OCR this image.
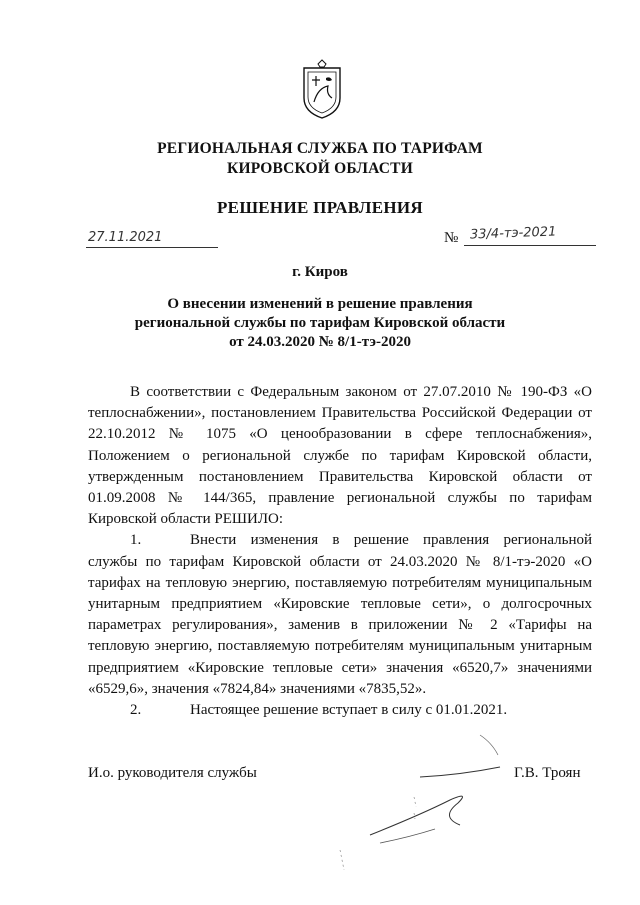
РЕГИОНАЛЬНАЯ СЛУЖБА ПО ТАРИФАМ
КИРОВСКОЙ ОБЛАСТИ
РЕШЕНИЕ ПРАВЛЕНИЯ
27.11.2021	№ 33/4-тэ-2021
г. Киров
О внесении изменений в решение правления
региональной службы по тарифам Кировской области
от 24.03.2020 № 8/1-тэ-2020

В соответствии с Федеральным законом от 27.07.2010 № 190-ФЗ «О теплоснабжении», постановлением Правительства Российской Федерации от 22.10.2012 № 1075 «О ценообразовании в сфере теплоснабжения», Положением о региональной службе по тарифам Кировской области, утвержденным постановлением Правительства Кировской области от 01.09.2008 № 144/365, правление региональной службы по тарифам Кировской области РЕШИЛО:

1.	Внести изменения в решение правления региональной службы по тарифам Кировской области от 24.03.2020 № 8/1-тэ-2020 «О тарифах на тепловую энергию, поставляемую потребителям муниципальным унитарным предприятием «Кировские тепловые сети», о долгосрочных параметрах регулирования», заменив в приложении № 2 «Тарифы на тепловую энергию, поставляемую потребителям муниципальным унитарным предприятием «Кировские тепловые сети» значения «6520,7» значениями «6529,6», значения «7824,84» значениями «7835,52».

2.	Настоящее решение вступает в силу с 01.01.2021.

И.о. руководителя службы	Г.В. Троян
